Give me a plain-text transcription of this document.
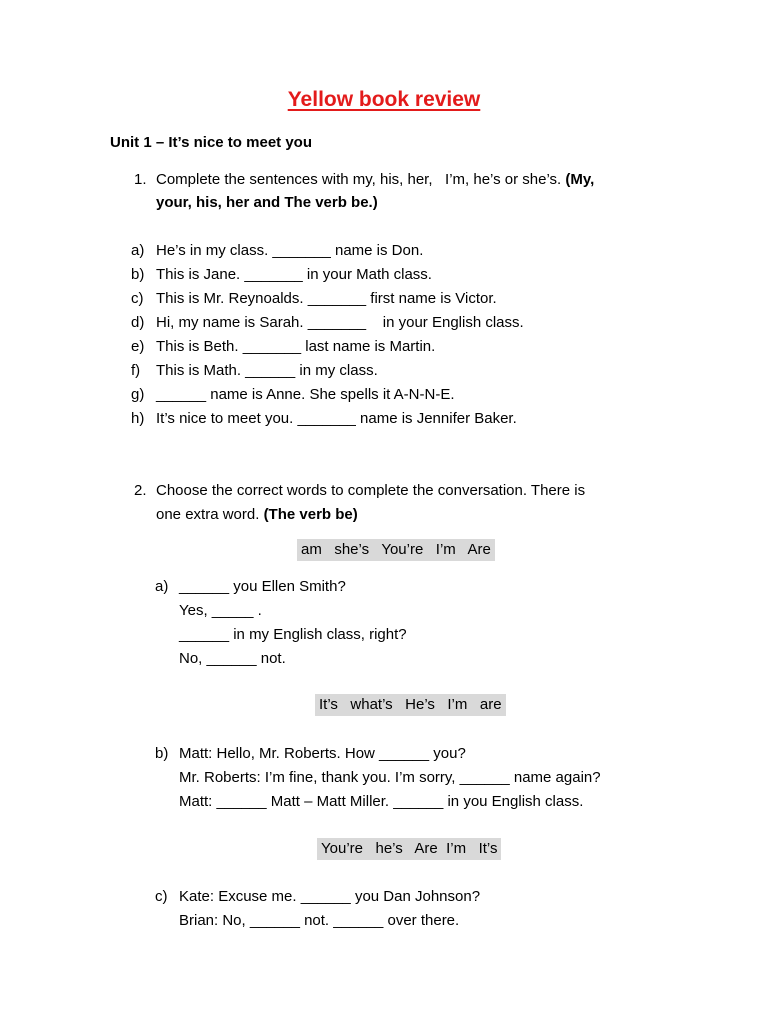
Yellow book review
Unit 1 – It’s nice to meet you
1. Complete the sentences with my, his, her,   I’m, he’s or she’s. (My,
your, his, her and The verb be.)
a) He’s in my class. _______ name is Don.
b) This is Jane. _______ in your Math class.
c) This is Mr. Reynoalds. _______ first name is Victor.
d) Hi, my name is Sarah. _______    in your English class.
e) This is Beth. _______ last name is Martin.
f) This is Math. ______ in my class.
g) ______ name is Anne. She spells it A-N-N-E.
h) It’s nice to meet you. _______ name is Jennifer Baker.
2. Choose the correct words to complete the conversation. There is
one extra word. (The verb be)
am   she’s   You’re   I’m   Are
a) ______ you Ellen Smith?
Yes, _____ .
______ in my English class, right?
No, ______ not.
It’s   what’s   He’s   I’m   are
b) Matt: Hello, Mr. Roberts. How ______ you?
Mr. Roberts: I’m fine, thank you. I’m sorry, ______ name again?
Matt: ______ Matt – Matt Miller. ______ in you English class.
You’re   he’s   Are  I’m   It’s
c) Kate: Excuse me. ______ you Dan Johnson?
Brian: No, ______ not. ______ over there.
